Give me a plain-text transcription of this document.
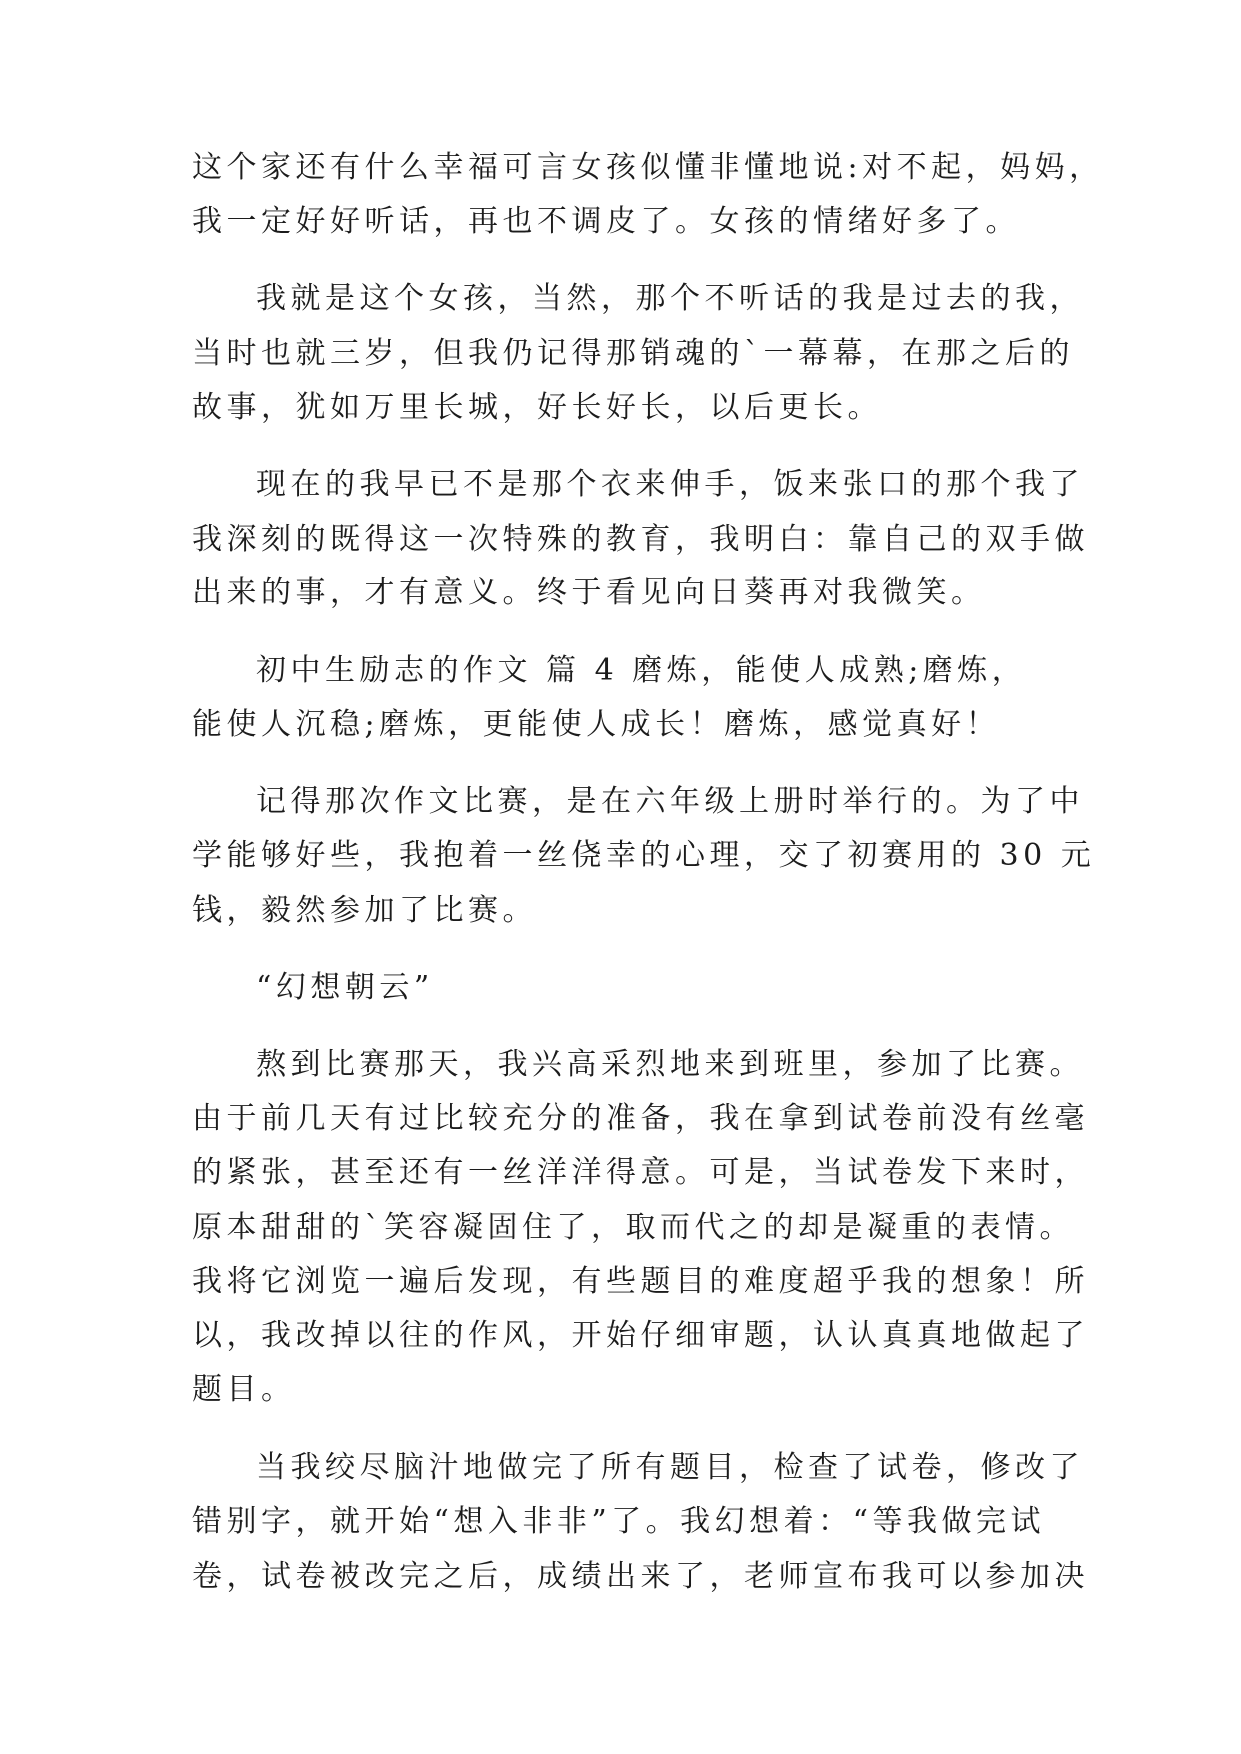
这个家还有什么幸福可言女孩似懂非懂地说:对不起，妈妈，
我一定好好听话，再也不调皮了。女孩的情绪好多了。
我就是这个女孩，当然，那个不听话的我是过去的我，
当时也就三岁，但我仍记得那销魂的`一幕幕，在那之后的
故事，犹如万里长城，好长好长，以后更长。
现在的我早已不是那个衣来伸手，饭来张口的那个我了
我深刻的既得这一次特殊的教育，我明白：靠自己的双手做
出来的事，才有意义。终于看见向日葵再对我微笑。
初中生励志的作文 篇 4 磨炼，能使人成熟;磨炼，
能使人沉稳;磨炼，更能使人成长！磨炼，感觉真好！
记得那次作文比赛，是在六年级上册时举行的。为了中
学能够好些，我抱着一丝侥幸的心理，交了初赛用的 30 元
钱，毅然参加了比赛。
“幻想朝云”
熬到比赛那天，我兴高采烈地来到班里，参加了比赛。
由于前几天有过比较充分的准备，我在拿到试卷前没有丝毫
的紧张，甚至还有一丝洋洋得意。可是，当试卷发下来时，
原本甜甜的`笑容凝固住了，取而代之的却是凝重的表情。
我将它浏览一遍后发现，有些题目的难度超乎我的想象！所
以，我改掉以往的作风，开始仔细审题，认认真真地做起了
题目。
当我绞尽脑汁地做完了所有题目，检查了试卷，修改了
错别字，就开始“想入非非”了。我幻想着：“等我做完试
卷，试卷被改完之后，成绩出来了，老师宣布我可以参加决
